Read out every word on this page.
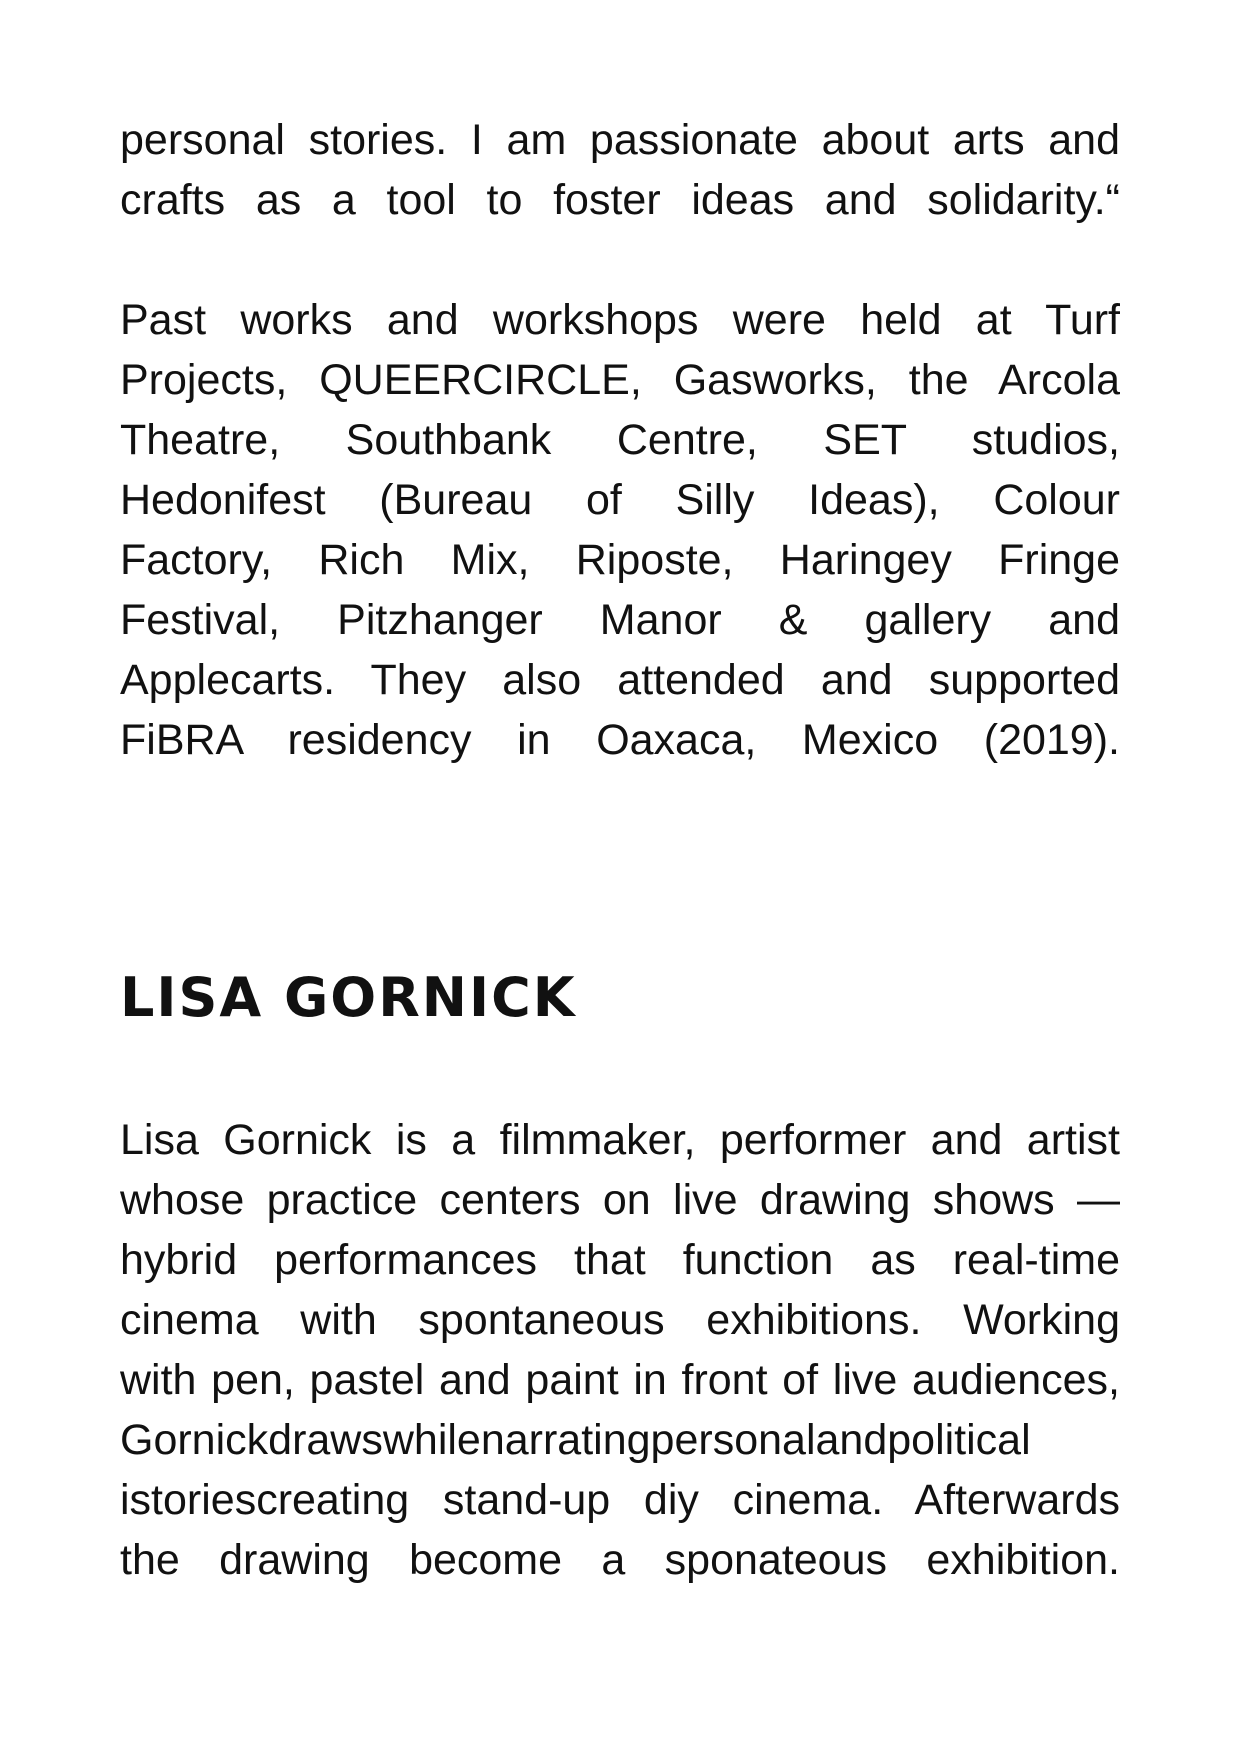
personal stories. I am passionate about arts and
crafts as a tool to foster ideas and solidarity.“
Past works and workshops were held at Turf
Projects, QUEERCIRCLE, Gasworks, the Arcola
Theatre, Southbank Centre, SET studios,
Hedonifest (Bureau of Silly Ideas), Colour
Factory, Rich Mix, Riposte, Haringey Fringe
Festival, Pitzhanger Manor & gallery and
Applecarts. They also attended and supported
FiBRA residency in Oaxaca, Mexico (2019).
LISA GORNICK
Lisa Gornick is a filmmaker, performer and artist
whose practice centers on live drawing shows —
hybrid performances that function as real-time
cinema with spontaneous exhibitions. Working
with pen, pastel and paint in front of live audiences,
Gornickdrawswhilenarratingpersonalandpolitical
istoriescreating stand-up diy cinema. Afterwards
the drawing become a sponateous exhibition.
